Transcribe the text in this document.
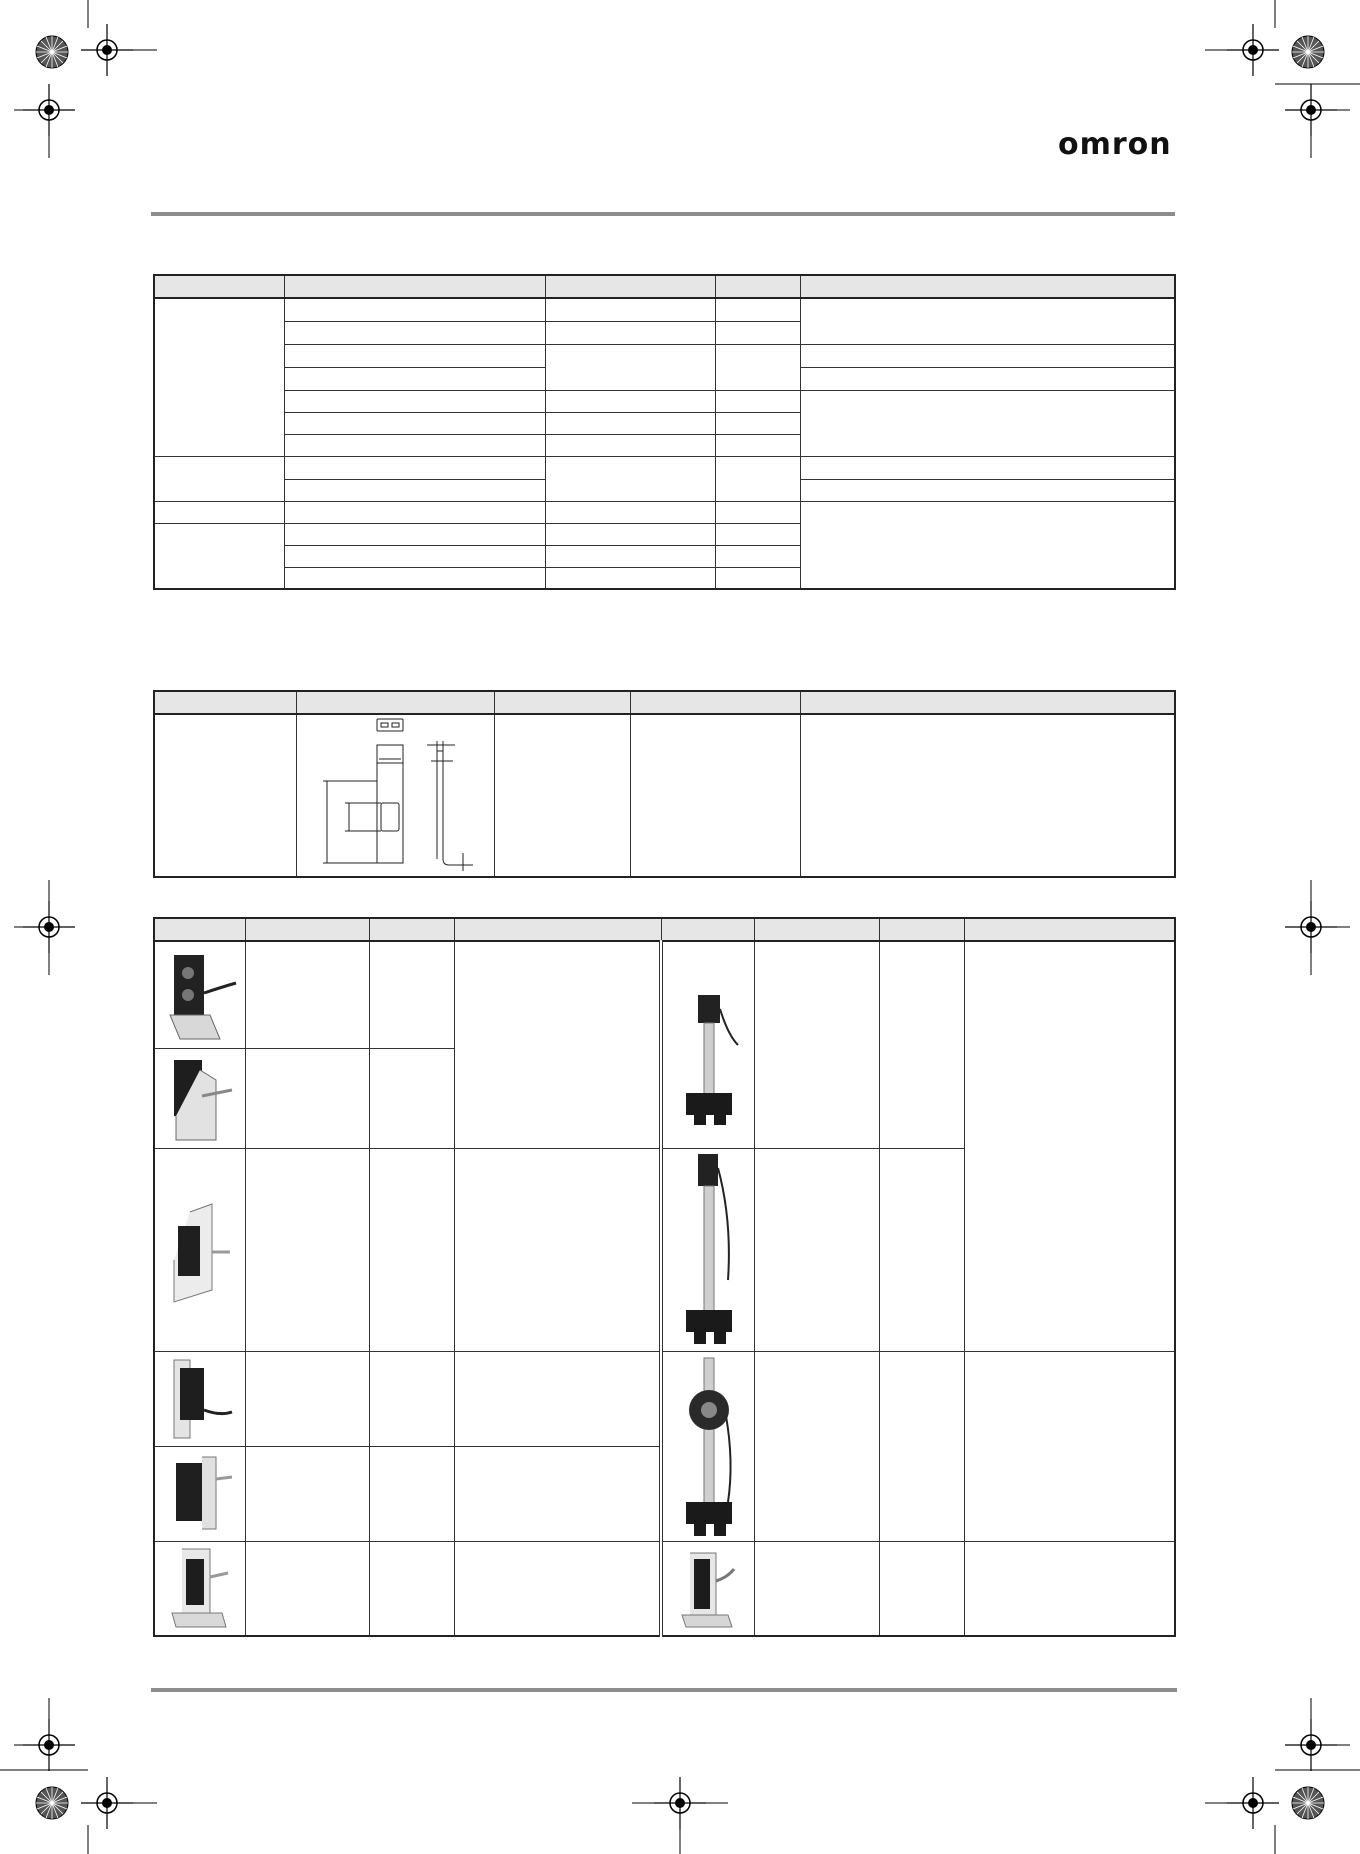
omron
